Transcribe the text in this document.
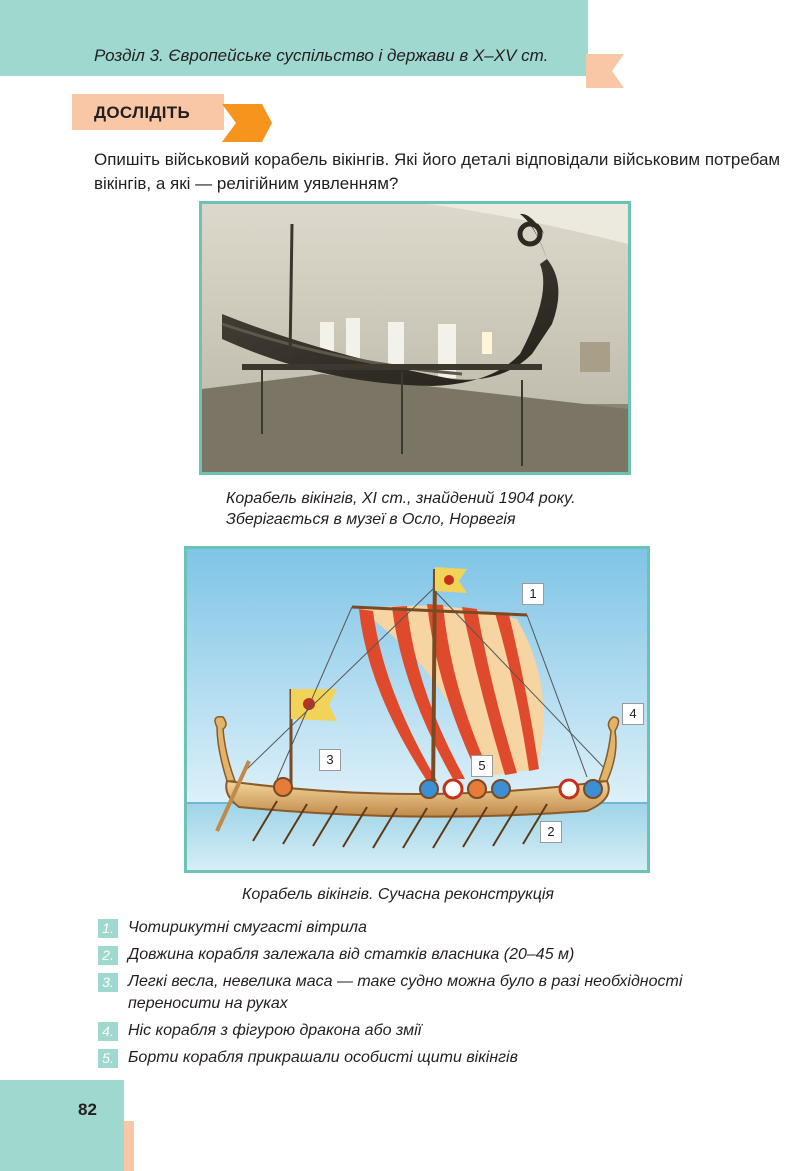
Розділ 3. Європейське суспільство і держави в Х–XV ст.
ДОСЛІДІТЬ
Опишіть військовий корабель вікінгів. Які його деталі відповідали військовим потребам вікінгів, а які — релігійним уявленням?
Корабель вікінгів, ХІ ст., знайдений 1904 року.
Зберігається в музеї в Осло, Норвегія
1
2
3
4
5
Корабель вікінгів. Сучасна реконструкція
1. Чотирикутні смугасті вітрила
2. Довжина корабля залежала від статків власника (20–45 м)
3. Легкі весла, невелика маса — таке судно можна було в разі необхідності переносити на руках
4. Ніс корабля з фігурою дракона або змії
5. Борти корабля прикрашали особисті щити вікінгів
82
